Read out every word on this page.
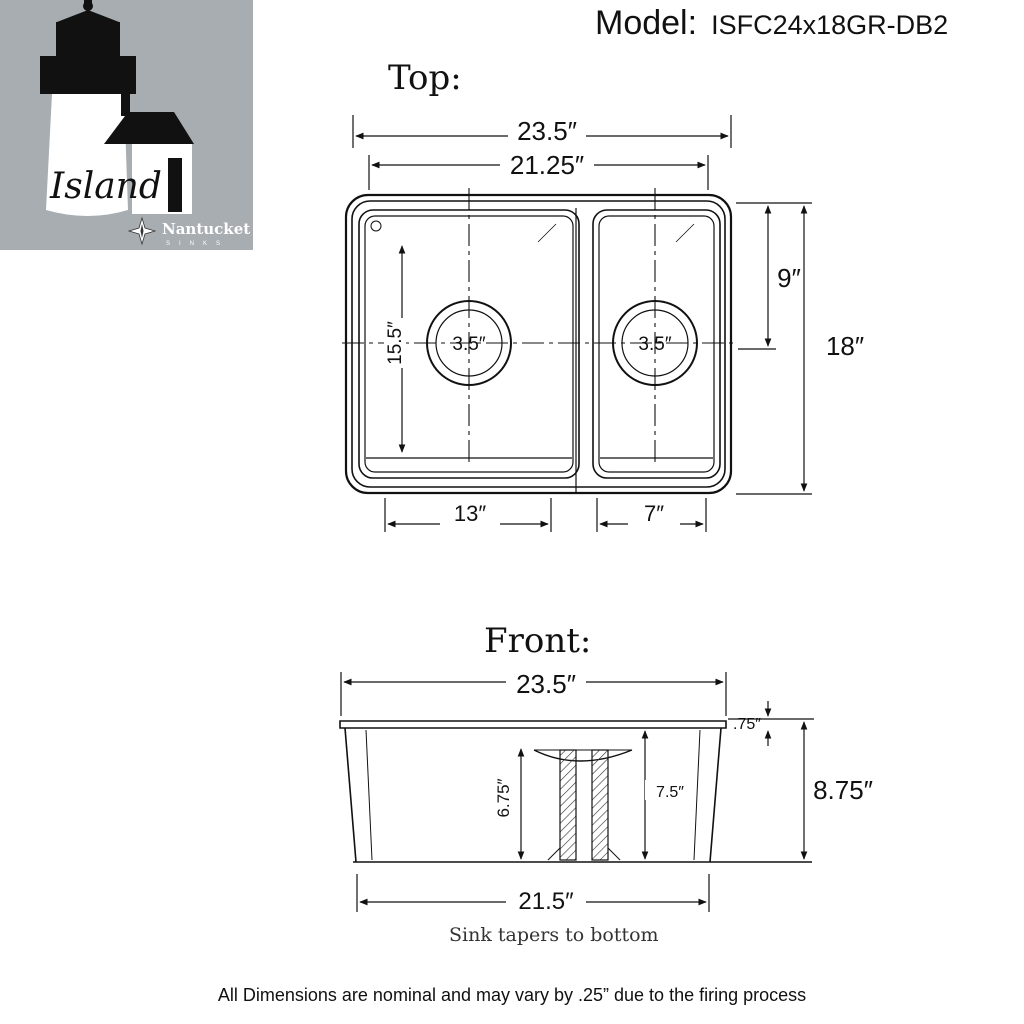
Island
Nantucket
SINKS
Model: ISFC24x18GR-DB2
Top:
Front:
23.5″
21.25″
9″
18″
15.5″ 3.5″	3.5″
13″	7″
23.5″
.75″
8.75″
6.75″	7.5″
21.5″
Sink tapers to bottom
All Dimensions are nominal and may vary by .25” due to the firing process
